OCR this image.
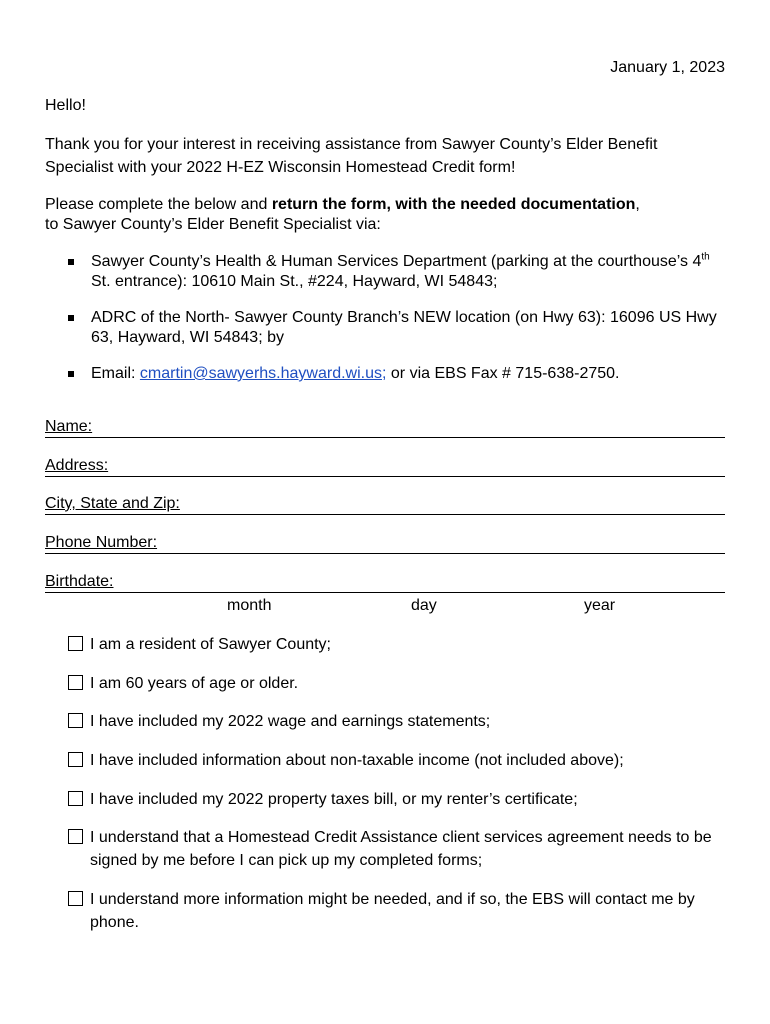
January 1, 2023
Hello!
Thank you for your interest in receiving assistance from Sawyer County’s Elder Benefit Specialist with your 2022 H-EZ Wisconsin Homestead Credit form!
Please complete the below and return the form, with the needed documentation,
to Sawyer County’s Elder Benefit Specialist via:
Sawyer County’s Health & Human Services Department (parking at the courthouse’s 4th St. entrance): 10610 Main St., #224, Hayward, WI 54843;
ADRC of the North- Sawyer County Branch’s NEW location (on Hwy 63): 16096 US Hwy 63, Hayward, WI 54843; by
Email: cmartin@sawyerhs.hayward.wi.us; or via EBS Fax # 715-638-2750.
Name:
Address:
City, State and Zip:
Phone Number:
Birthdate:
month	day	year
I am a resident of Sawyer County;
I am 60 years of age or older.
I have included my 2022 wage and earnings statements;
I have included information about non-taxable income (not included above);
I have included my 2022 property taxes bill, or my renter’s certificate;
I understand that a Homestead Credit Assistance client services agreement needs to be signed by me before I can pick up my completed forms;
I understand more information might be needed, and if so, the EBS will contact me by phone.
